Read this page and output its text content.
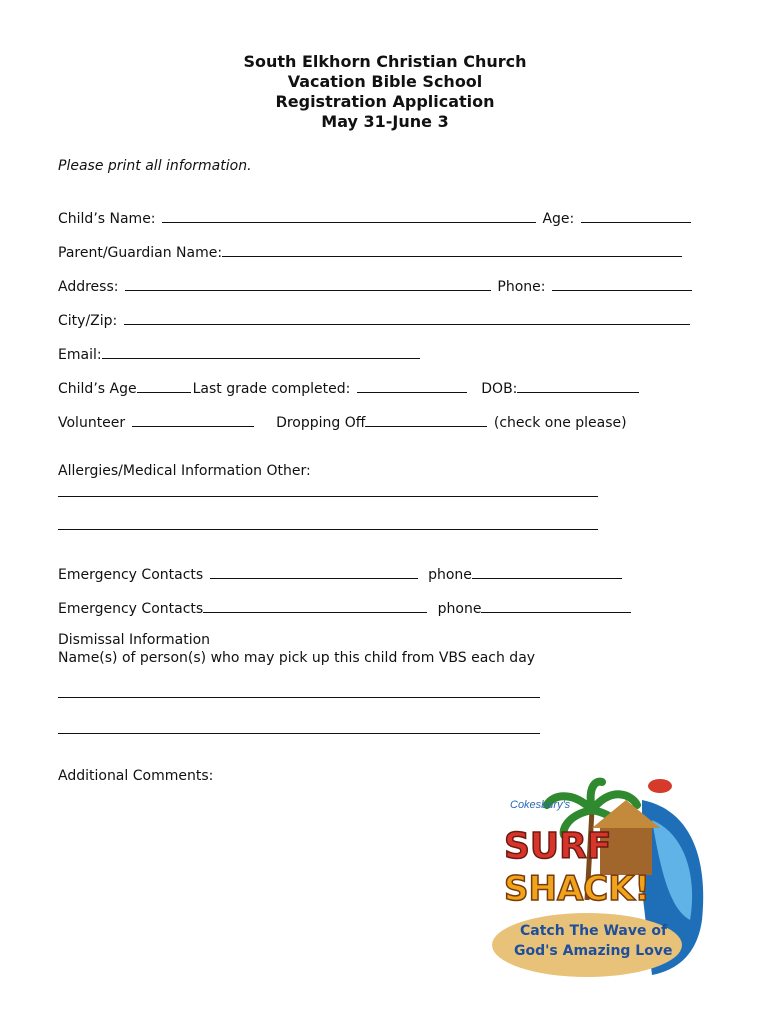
South Elkhorn Christian Church
Vacation Bible School
Registration Application
May 31-June 3
Please print all information.
Child’s Name:	Age:
Parent/Guardian Name:
Address:	Phone:
City/Zip:
Email:
Child’s Age	Last grade completed:	DOB:
Volunteer	Dropping Off	(check one please)
Allergies/Medical Information Other:
Emergency Contacts	phone
Emergency Contacts	phone
Dismissal Information
Name(s) of person(s) who may pick up this child from VBS each day
Additional Comments:
Cokesbury's
SURF
SHACK!
Catch The Wave of
God's Amazing Love
